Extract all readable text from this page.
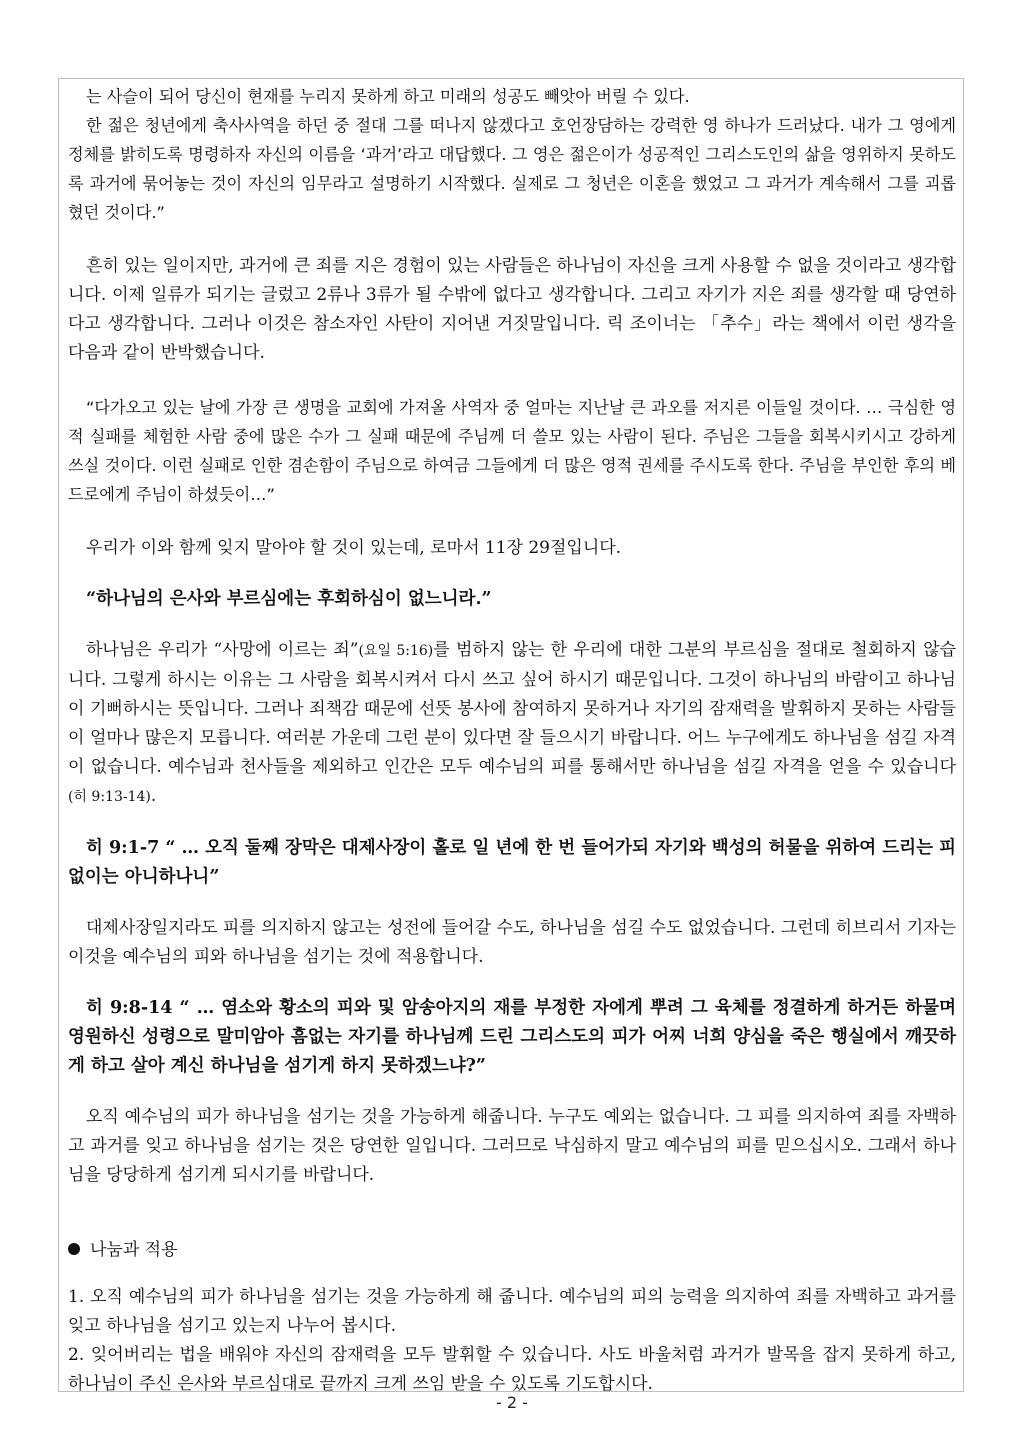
는 사슬이 되어 당신이 현재를 누리지 못하게 하고 미래의 성공도 빼앗아 버릴 수 있다.

한 젊은 청년에게 축사사역을 하던 중 절대 그를 떠나지 않겠다고 호언장담하는 강력한 영 하나가 드러났다. 내가 그 영에게 정체를 밝히도록 명령하자 자신의 이름을 ‘과거’라고 대답했다. 그 영은 젊은이가 성공적인 그리스도인의 삶을 영위하지 못하도록 과거에 묶어놓는 것이 자신의 임무라고 설명하기 시작했다. 실제로 그 청년은 이혼을 했었고 그 과거가 계속해서 그를 괴롭혔던 것이다.”

흔히 있는 일이지만, 과거에 큰 죄를 지은 경험이 있는 사람들은 하나님이 자신을 크게 사용할 수 없을 것이라고 생각합니다. 이제 일류가 되기는 글렀고 2류나 3류가 될 수밖에 없다고 생각합니다. 그리고 자기가 지은 죄를 생각할 때 당연하다고 생각합니다. 그러나 이것은 참소자인 사탄이 지어낸 거짓말입니다. 릭 조이너는 「추수」라는 책에서 이런 생각을 다음과 같이 반박했습니다.

“다가오고 있는 날에 가장 큰 생명을 교회에 가져올 사역자 중 얼마는 지난날 큰 과오를 저지른 이들일 것이다. … 극심한 영적 실패를 체험한 사람 중에 많은 수가 그 실패 때문에 주님께 더 쓸모 있는 사람이 된다. 주님은 그들을 회복시키시고 강하게 쓰실 것이다. 이런 실패로 인한 겸손함이 주님으로 하여금 그들에게 더 많은 영적 권세를 주시도록 한다. 주님을 부인한 후의 베드로에게 주님이 하셨듯이…”

우리가 이와 함께 잊지 말아야 할 것이 있는데, 로마서 11장 29절입니다.

“하나님의 은사와 부르심에는 후회하심이 없느니라.”

하나님은 우리가 “사망에 이르는 죄”(요일 5:16)를 범하지 않는 한 우리에 대한 그분의 부르심을 절대로 철회하지 않습니다. 그렇게 하시는 이유는 그 사람을 회복시켜서 다시 쓰고 싶어 하시기 때문입니다. 그것이 하나님의 바람이고 하나님이 기뻐하시는 뜻입니다. 그러나 죄책감 때문에 선뜻 봉사에 참여하지 못하거나 자기의 잠재력을 발휘하지 못하는 사람들이 얼마나 많은지 모릅니다. 여러분 가운데 그런 분이 있다면 잘 들으시기 바랍니다. 어느 누구에게도 하나님을 섬길 자격이 없습니다. 예수님과 천사들을 제외하고 인간은 모두 예수님의 피를 통해서만 하나님을 섬길 자격을 얻을 수 있습니다(히 9:13-14).

히 9:1-7 “ … 오직 둘째 장막은 대제사장이 홀로 일 년에 한 번 들어가되 자기와 백성의 허물을 위하여 드리는 피 없이는 아니하나니”

대제사장일지라도 피를 의지하지 않고는 성전에 들어갈 수도, 하나님을 섬길 수도 없었습니다. 그런데 히브리서 기자는 이것을 예수님의 피와 하나님을 섬기는 것에 적용합니다.

히 9:8-14 “ … 염소와 황소의 피와 및 암송아지의 재를 부정한 자에게 뿌려 그 육체를 정결하게 하거든 하물며 영원하신 성령으로 말미암아 흠없는 자기를 하나님께 드린 그리스도의 피가 어찌 너희 양심을 죽은 행실에서 깨끗하게 하고 살아 계신 하나님을 섬기게 하지 못하겠느냐?”

오직 예수님의 피가 하나님을 섬기는 것을 가능하게 해줍니다. 누구도 예외는 없습니다. 그 피를 의지하여 죄를 자백하고 과거를 잊고 하나님을 섬기는 것은 당연한 일입니다. 그러므로 낙심하지 말고 예수님의 피를 믿으십시오. 그래서 하나님을 당당하게 섬기게 되시기를 바랍니다.

나눔과 적용

1. 오직 예수님의 피가 하나님을 섬기는 것을 가능하게 해 줍니다. 예수님의 피의 능력을 의지하여 죄를 자백하고 과거를 잊고 하나님을 섬기고 있는지 나누어 봅시다.

2. 잊어버리는 법을 배워야 자신의 잠재력을 모두 발휘할 수 있습니다. 사도 바울처럼 과거가 발목을 잡지 못하게 하고, 하나님이 주신 은사와 부르심대로 끝까지 크게 쓰임 받을 수 있도록 기도합시다.

- 2 -
